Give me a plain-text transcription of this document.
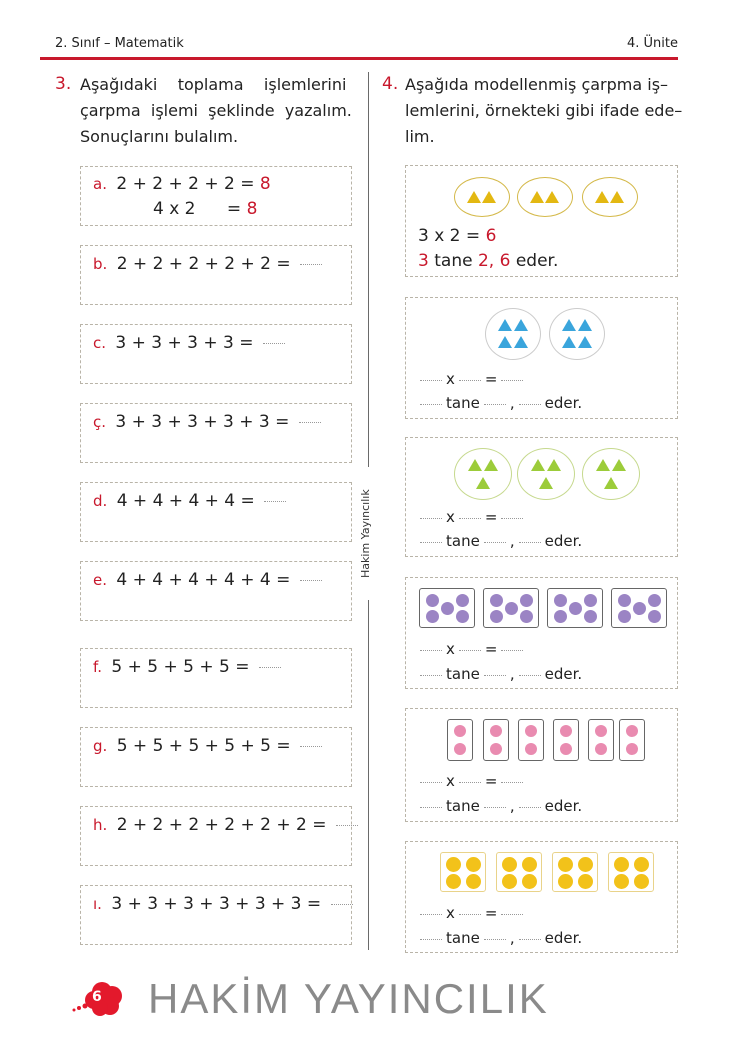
2. Sınıf – Matematik	4. Ünite
Hakim Yayıncılık
3. Aşağıdaki    toplama    işlemlerini
çarpma  işlemi  şeklinde  yazalım.
Sonuçlarını bulalım.
a. 2 + 2 + 2 + 2 = 8
4 x 2 = 8
b. 2 + 2 + 2 + 2 + 2 =
c. 3 + 3 + 3 + 3 =
ç. 3 + 3 + 3 + 3 + 3 =
d. 4 + 4 + 4 + 4 =
e. 4 + 4 + 4 + 4 + 4 =
f. 5 + 5 + 5 + 5 =
g. 5 + 5 + 5 + 5 + 5 =
h. 2 + 2 + 2 + 2 + 2 + 2 =
ı. 3 + 3 + 3 + 3 + 3 + 3 =
4. Aşağıda modellenmiş çarpma iş–
lemlerini, örnekteki gibi ifade ede–
lim.
3 x 2 = 6
3 tane 2, 6 eder.
x =
tane , eder.
x =
tane , eder.
x =
tane , eder.
x =
tane , eder.
x =
tane , eder.
6 HAKİM YAYINCILIK
